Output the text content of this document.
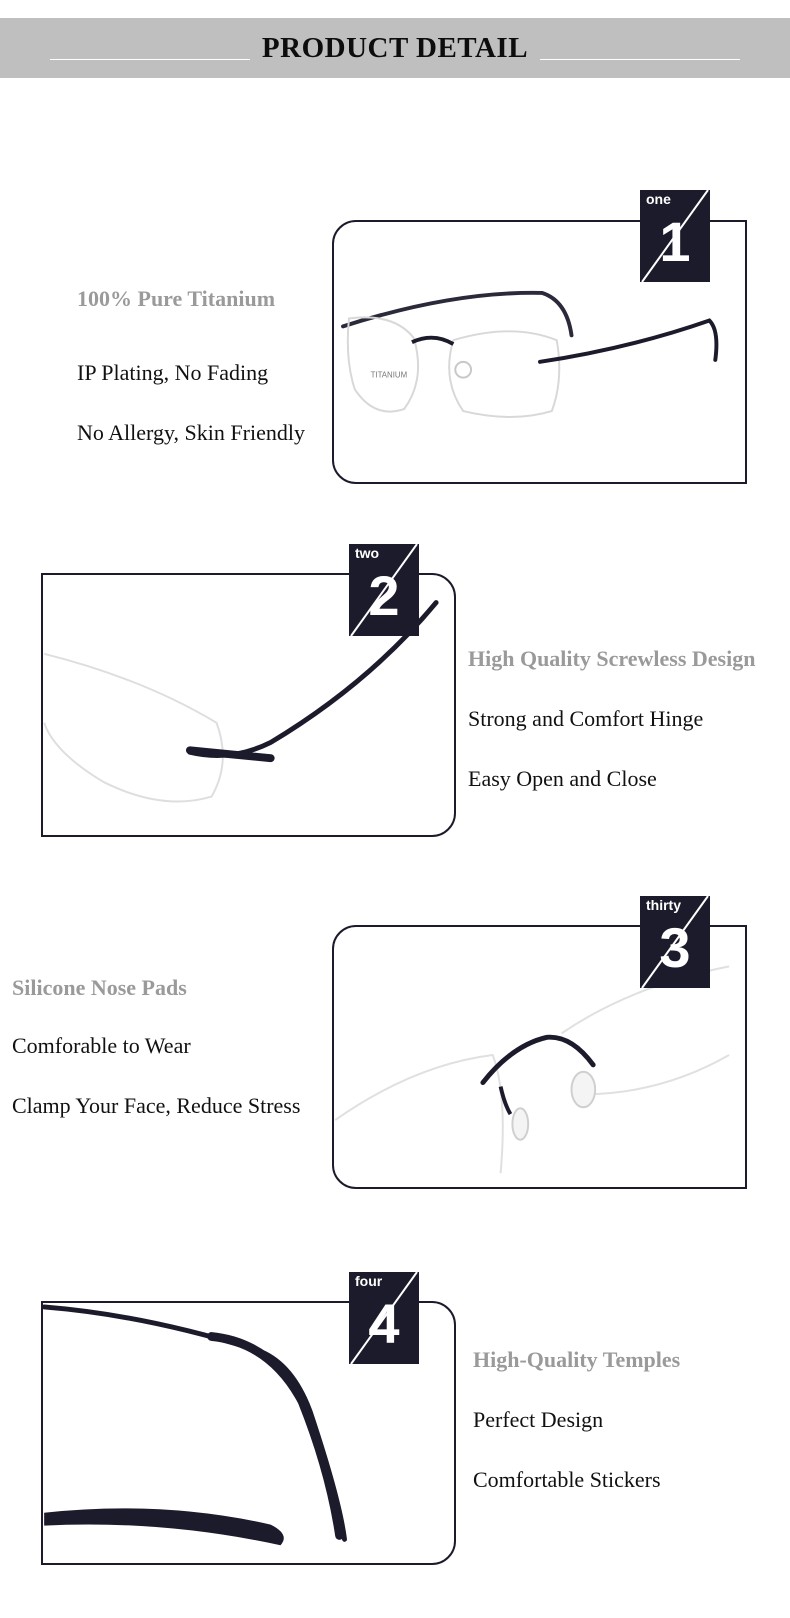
PRODUCT DETAIL
TITANIUM
one
1
100% Pure Titanium
IP Plating, No Fading
No Allergy, Skin Friendly
two
2
High Quality Screwless Design
Strong and Comfort Hinge
Easy Open and Close
thirty
3
Silicone Nose Pads
Comforable to Wear
Clamp Your Face, Reduce Stress
four
4
High-Quality Temples
Perfect Design
Comfortable Stickers
